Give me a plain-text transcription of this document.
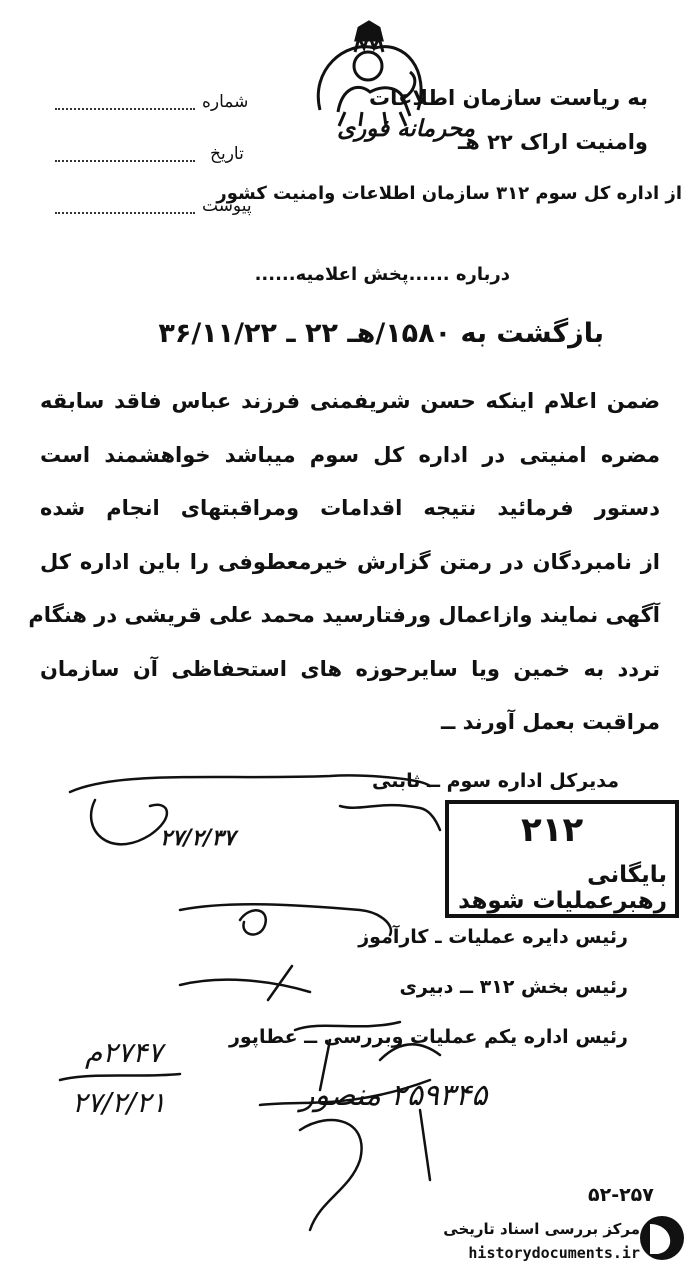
به ریاست سازمان اطلاعات
وامنیت اراک ۲۲ هـ
محرمانه فوری
از اداره کل سوم ۳۱۲ سازمان اطلاعات وامنیت کشور
شماره
تاریخ
پیوست
درباره ......پخش اعلامیه......
بازگشت به ۱۵۸۰/هـ ۲۲ ـ ۳۶/۱۱/۲۲
ضمن اعلام اینکه حسن شریفمنی فرزند عباس فاقد سابقه
مضره امنیتی در اداره کل سوم میباشد خواهشمند است
دستور فرمائید نتیجه اقدامات ومراقبتهای انجام شده
از نامبردگان در رمتن گزارش خیرمعطوفی را باین اداره کل
آگهی نمایند وازاعمال ورفتارسید محمد علی قریشی در هنگام
تردد به خمین ویا سایرحوزه های استحفاظی آن سازمان
مراقبت بعمل آورند ــ
مدیرکل اداره سوم ــ ثابتی
۲۷/۲/۳۷	۲۱۲
بایگانی رهبرعملیات شوهد
رئیس دایره عملیات ـ کارآموز
رئیس بخش ۳۱۲ ــ دبیری
رئیس اداره یکم عملیات وبررسی ــ عطاپور
۲۷۴۷م
۲۷/۲/۲۱	۲۵۹۳۴۵ منصور
۵۲-۲۵۷
مرکز بررسی اسناد تاریخی
historydocuments.ir
